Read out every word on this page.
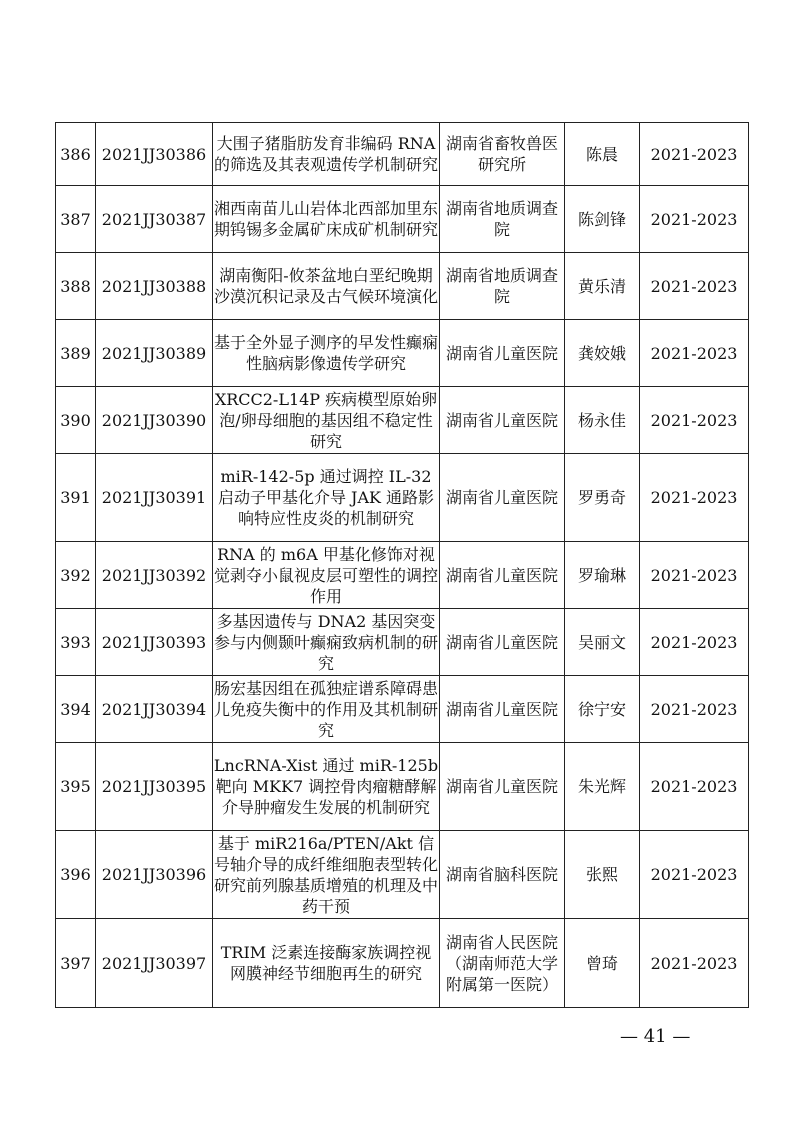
386	2021JJ30386	大围子猪脂肪发育非编码 RNA 的筛选及其表观遗传学机制研究	湖南省畜牧兽医研究所	陈晨	2021-2023
387	2021JJ30387	湘西南苗儿山岩体北西部加里东期钨锡多金属矿床成矿机制研究	湖南省地质调查院	陈剑锋	2021-2023
388	2021JJ30388	湖南衡阳-攸茶盆地白垩纪晚期沙漠沉积记录及古气候环境演化	湖南省地质调查院	黄乐清	2021-2023
389	2021JJ30389	基于全外显子测序的早发性癫痫性脑病影像遗传学研究	湖南省儿童医院	龚姣娥	2021-2023
390	2021JJ30390	XRCC2-L14P 疾病模型原始卵泡/卵母细胞的基因组不稳定性研究	湖南省儿童医院	杨永佳	2021-2023
391	2021JJ30391	miR-142-5p 通过调控 IL-32 启动子甲基化介导 JAK 通路影响特应性皮炎的机制研究	湖南省儿童医院	罗勇奇	2021-2023
392	2021JJ30392	RNA 的 m6A 甲基化修饰对视觉剥夺小鼠视皮层可塑性的调控作用	湖南省儿童医院	罗瑜琳	2021-2023
393	2021JJ30393	多基因遗传与 DNA2 基因突变参与内侧颞叶癫痫致病机制的研究	湖南省儿童医院	吴丽文	2021-2023
394	2021JJ30394	肠宏基因组在孤独症谱系障碍患儿免疫失衡中的作用及其机制研究	湖南省儿童医院	徐宁安	2021-2023
395	2021JJ30395	LncRNA-Xist 通过 miR-125b 靶向 MKK7 调控骨肉瘤糖酵解介导肿瘤发生发展的机制研究	湖南省儿童医院	朱光辉	2021-2023
396	2021JJ30396	基于 miR216a/PTEN/Akt 信号轴介导的成纤维细胞表型转化研究前列腺基质增殖的机理及中药干预	湖南省脑科医院	张熙	2021-2023
397	2021JJ30397	TRIM 泛素连接酶家族调控视网膜神经节细胞再生的研究	湖南省人民医院（湖南师范大学附属第一医院）	曾琦	2021-2023
— 41 —
